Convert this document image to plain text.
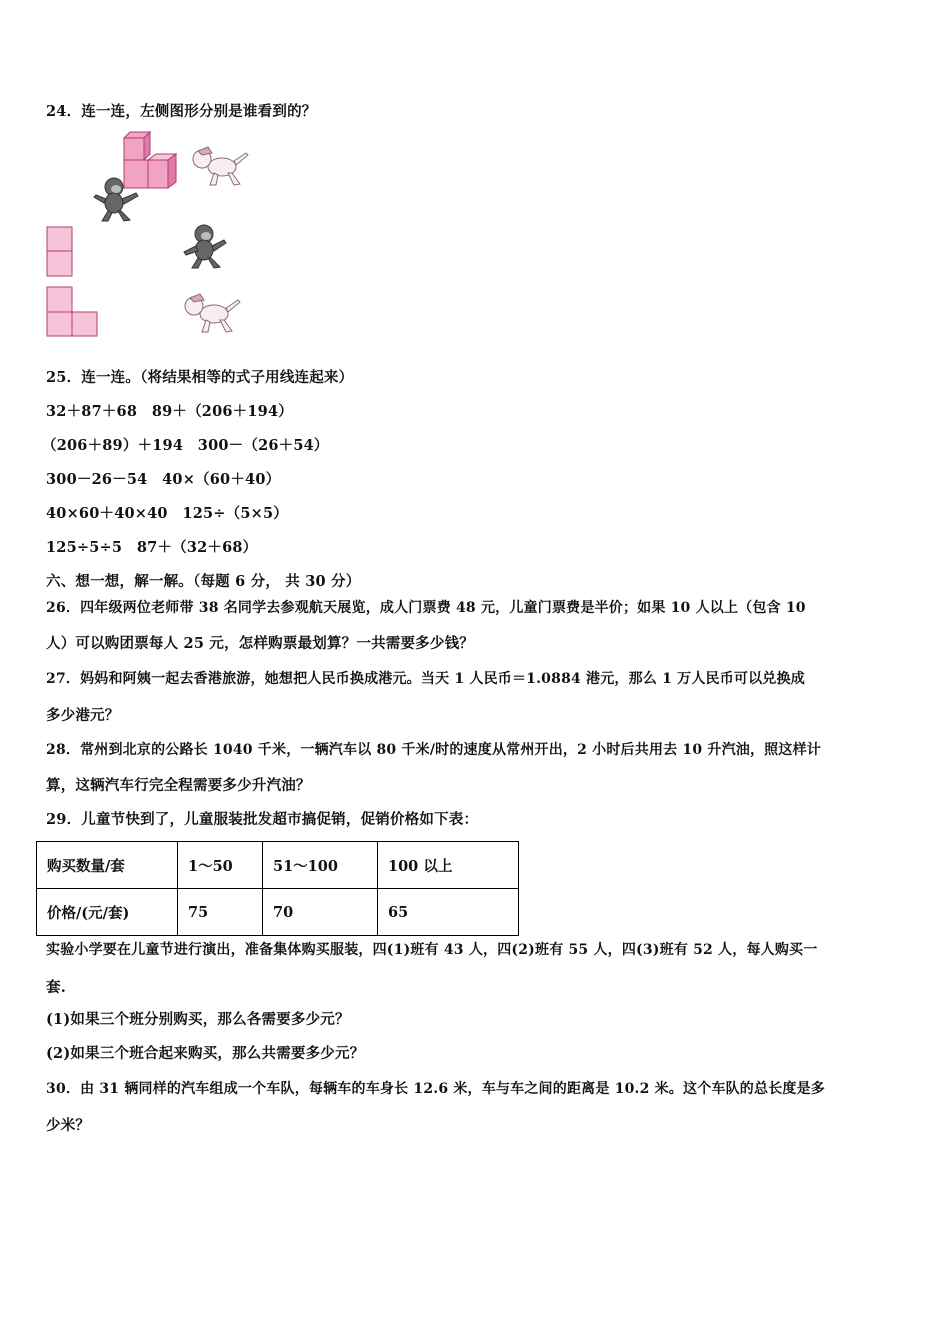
24．连一连，左侧图形分别是谁看到的？
25．连一连。（将结果相等的式子用线连起来）
32＋87＋68　89＋（206＋194）
（206＋89）＋194　300－（26＋54）
300－26－54　40×（60＋40）
40×60＋40×40　125÷（5×5）
125÷5÷5　87＋（32＋68）
六、想一想，解一解。（每题 6 分， 共 30 分）
26．四年级两位老师带 38 名同学去参观航天展览，成人门票费 48 元，儿童门票费是半价；如果 10 人以上（包含 10
人）可以购团票每人 25 元，怎样购票最划算？一共需要多少钱？
27．妈妈和阿姨一起去香港旅游，她想把人民币换成港元。当天 1 人民币＝1.0884 港元，那么 1 万人民币可以兑换成
多少港元？
28．常州到北京的公路长 1040 千米，一辆汽车以 80 千米/时的速度从常州开出，2 小时后共用去 10 升汽油，照这样计
算，这辆汽车行完全程需要多少升汽油？
29．儿童节快到了，儿童服装批发超市搞促销，促销价格如下表：
购买数量/套	1～50	51～100	100 以上
价格/(元/套)	75	70	65
实验小学要在儿童节进行演出，准备集体购买服装，四(1)班有 43 人，四(2)班有 55 人，四(3)班有 52 人，每人购买一
套.
(1)如果三个班分别购买，那么各需要多少元？
(2)如果三个班合起来购买，那么共需要多少元？
30．由 31 辆同样的汽车组成一个车队，每辆车的车身长 12.6 米，车与车之间的距离是 10.2 米。这个车队的总长度是多
少米？
